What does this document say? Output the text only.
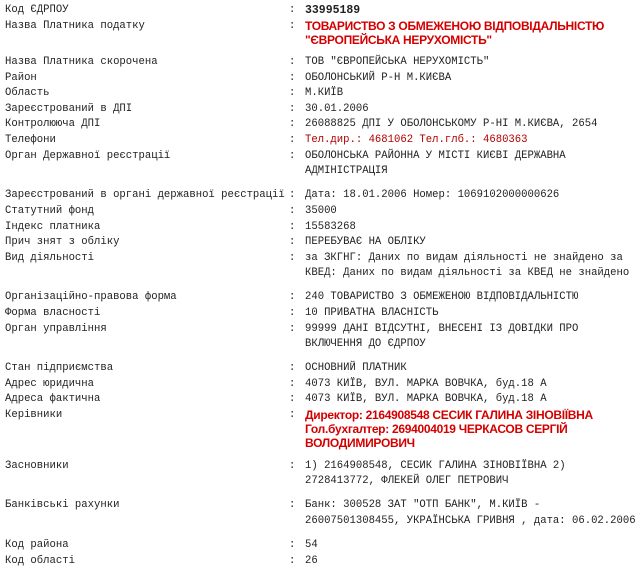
Код ЄДРПОУ	: 33995189
Назва Платника податку	: ТОВАРИСТВО З ОБМЕЖЕНОЮ ВІДПОВІДАЛЬНІСТЮ
"ЄВРОПЕЙСЬКА НЕРУХОМІСТЬ"
Назва Платника скорочена	: ТОВ "ЄВРОПЕЙСЬКА НЕРУХОМІСТЬ"
Район	: ОБОЛОНСЬКИЙ Р-Н М.КИЄВА
Область	: М.КИЇВ
Зареєстрований в ДПІ	: 30.01.2006
Контролююча ДПІ	: 26088825 ДПІ У ОБОЛОНСЬКОМУ Р-НІ М.КИЄВА, 2654
Телефони	: Тел.дир.: 4681062 Тел.глб.: 4680363
Орган Державної реєстрації	: ОБОЛОНСЬКА РАЙОННА У МІСТІ КИЄВІ ДЕРЖАВНА
АДМІНІСТРАЦІЯ
Зареєстрований в органі державної реєстрації : Дата: 18.01.2006 Номер: 1069102000000626
Статутний фонд	: 35000
Індекс платника	: 15583268
Прич знят з обліку	: ПЕРЕБУВАЄ НА ОБЛІКУ
Вид діяльності	: за ЗКГНГ: Даних по видам діяльності не знайдено за
КВЕД: Даних по видам діяльності за КВЕД не знайдено
Організаційно-правова форма	: 240 ТОВАРИСТВО З ОБМЕЖЕНОЮ ВІДПОВІДАЛЬНІСТЮ
Форма власності	: 10 ПРИВАТНА ВЛАСНІСТЬ
Орган управління	: 99999 ДАНІ ВІДСУТНІ, ВНЕСЕНІ ІЗ ДОВІДКИ ПРО
ВКЛЮЧЕННЯ ДО ЄДРПОУ
Стан підприємства	: ОСНОВНИЙ ПЛАТНИК
Адрес юридична	: 4073 КИЇВ, ВУЛ. МАРКА ВОВЧКА, буд.18 А
Адреса фактична	: 4073 КИЇВ, ВУЛ. МАРКА ВОВЧКА, буд.18 А
Керівники	: Директор: 2164908548 СЕСИК ГАЛИНА ЗІНОВІЇВНА
Гол.бухгалтер: 2694004019 ЧЕРКАСОВ СЕРГІЙ
ВОЛОДИМИРОВИЧ
Засновники	: 1) 2164908548, СЕСИК ГАЛИНА ЗІНОВІЇВНА 2)
2728413772, ФЛЕКЕЙ ОЛЕГ ПЕТРОВИЧ
Банківські рахунки	: Банк: 300528 ЗАТ "ОТП БАНК", М.КИЇВ -
26007501308455, УКРАЇНСЬКА ГРИВНЯ , дата: 06.02.2006
Код района	: 54
Код області	: 26
